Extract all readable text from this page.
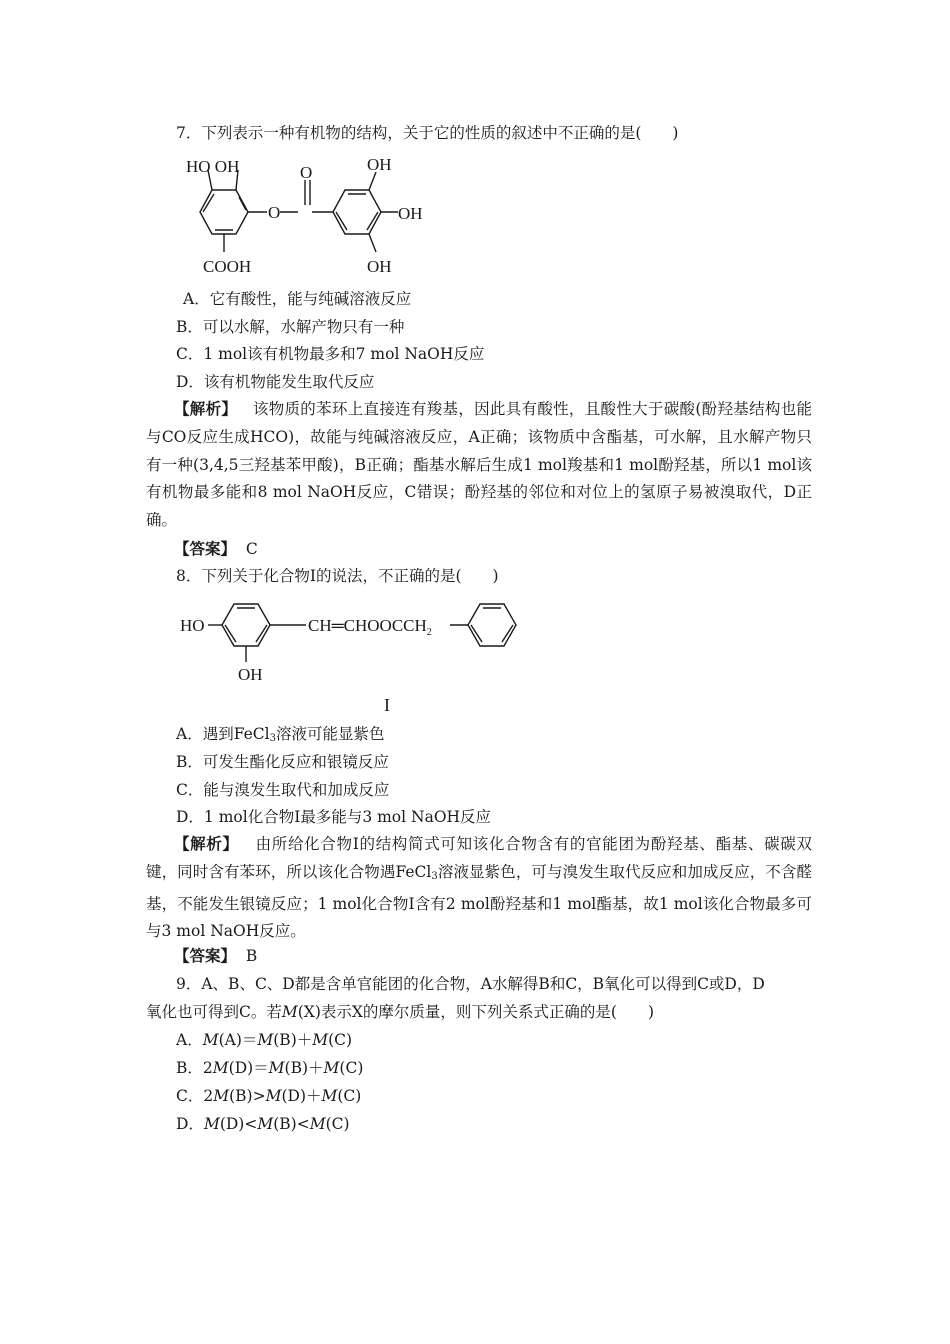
7．下列表示一种有机物的结构，关于它的性质的叙述中不正确的是(　　)
HO OH
COOH
O
O	OH
OH
OH
A．它有酸性，能与纯碱溶液反应
B．可以水解，水解产物只有一种
C．1 mol该有机物最多和7 mol NaOH反应
D．该有机物能发生取代反应
【解析】 该物质的苯环上直接连有羧基，因此具有酸性，且酸性大于碳酸(酚羟基结构也能与CO反应生成HCO)，故能与纯碱溶液反应，A正确；该物质中含酯基，可水解，且水解产物只有一种(3,4,5三羟基苯甲酸)，B正确；酯基水解后生成1 mol羧基和1 mol酚羟基，所以1 mol该有机物最多能和8 mol NaOH反应，C错误；酚羟基的邻位和对位上的氢原子易被溴取代，D正确。
【答案】 C
8．下列关于化合物Ⅰ的说法，不正确的是(　　)
HO	$CH═CHOOCCH_2$
OH
I
A．遇到FeCl$_3$溶液可能显紫色
B．可发生酯化反应和银镜反应
C．能与溴发生取代和加成反应
D．1 mol化合物Ⅰ最多能与3 mol NaOH反应
【解析】 由所给化合物Ⅰ的结构简式可知该化合物含有的官能团为酚羟基、酯基、碳碳双键，同时含有苯环，所以该化合物遇FeCl$_3$溶液显紫色，可与溴发生取代反应和加成反应，不含醛基，不能发生银镜反应；1 mol化合物Ⅰ含有2 mol酚羟基和1 mol酯基，故1 mol该化合物最多可与3 mol NaOH反应。
【答案】 B
9．A、B、C、D都是含单官能团的化合物，A水解得B和C，B氧化可以得到C或D，D
氧化也可得到C。若M(X)表示X的摩尔质量，则下列关系式正确的是(　　)
A．M(A)＝M(B)＋M(C)
B．2M(D)＝M(B)＋M(C)
C．2M(B)>M(D)＋M(C)
D．M(D)<M(B)<M(C)
